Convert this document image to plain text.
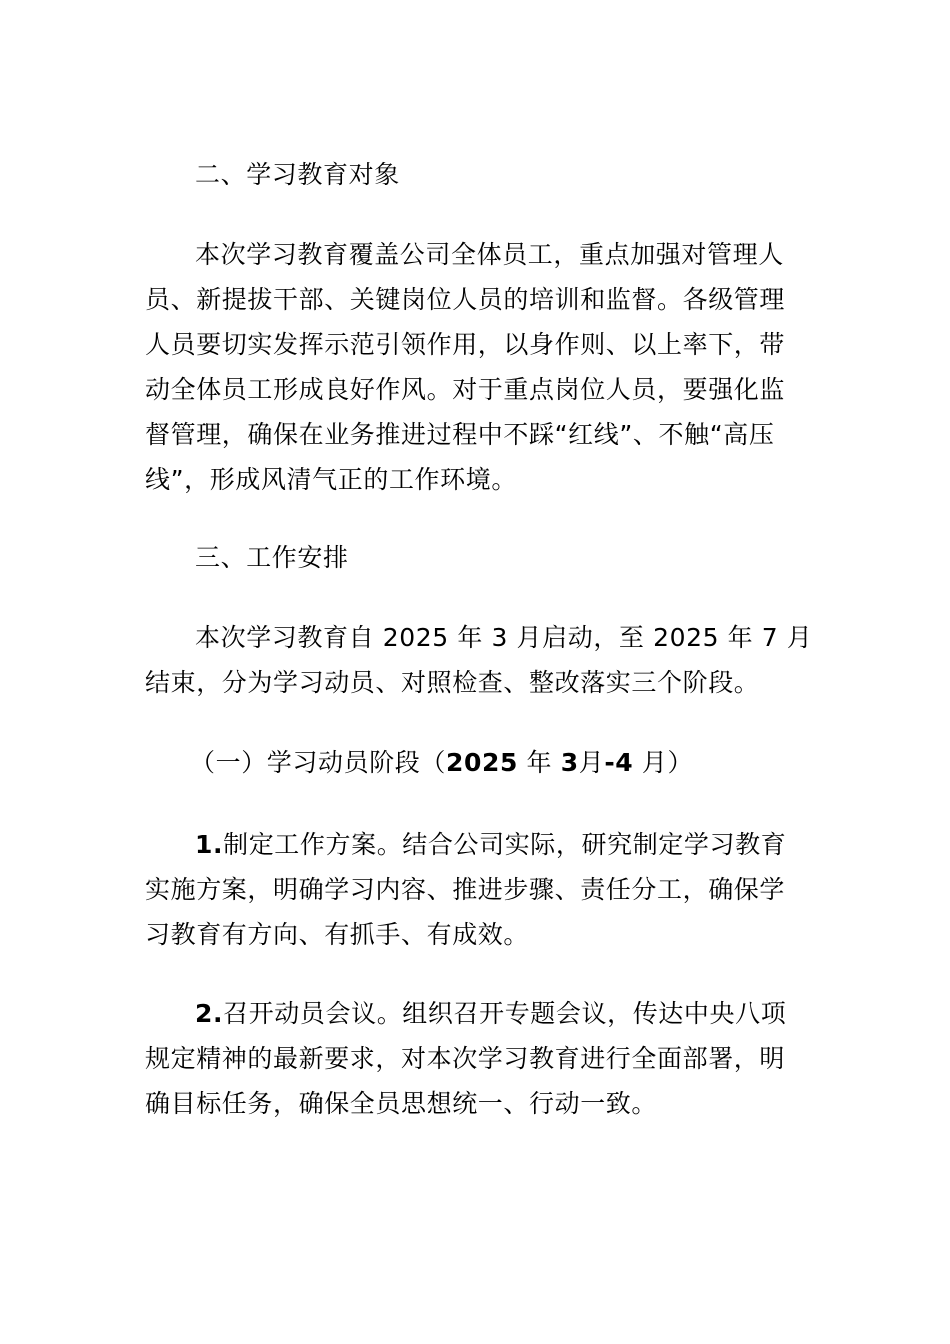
二、学习教育对象
本次学习教育覆盖公司全体员工，重点加强对管理人
员、新提拔干部、关键岗位人员的培训和监督。各级管理
人员要切实发挥示范引领作用，以身作则、以上率下，带
动全体员工形成良好作风。对于重点岗位人员，要强化监
督管理，确保在业务推进过程中不踩“红线”、不触“高压
线”，形成风清气正的工作环境。
三、工作安排
本次学习教育自 2025 年 3 月启动，至 2025 年 7 月
结束，分为学习动员、对照检查、整改落实三个阶段。
（一）学习动员阶段（2025 年 3月-4 月）
1.制定工作方案。结合公司实际，研究制定学习教育
实施方案，明确学习内容、推进步骤、责任分工，确保学
习教育有方向、有抓手、有成效。
2.召开动员会议。组织召开专题会议，传达中央八项
规定精神的最新要求，对本次学习教育进行全面部署，明
确目标任务，确保全员思想统一、行动一致。
